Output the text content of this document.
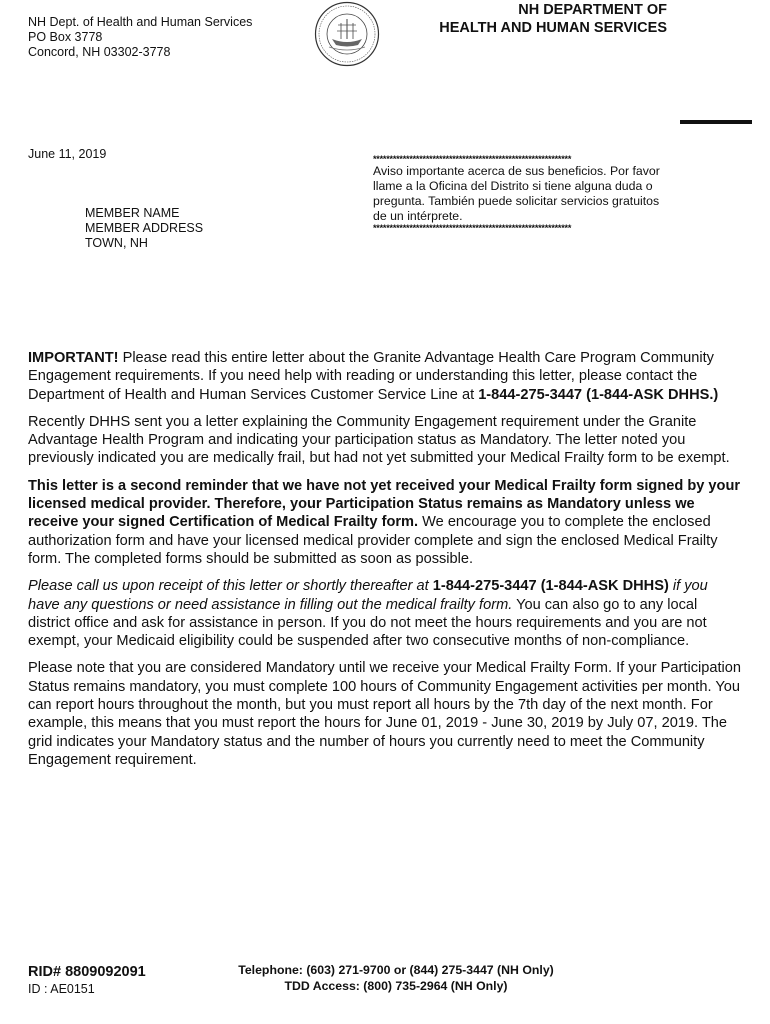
NH Dept. of Health and Human Services
PO Box 3778
Concord, NH 03302-3778
NH DEPARTMENT OF
HEALTH AND HUMAN SERVICES
June 11, 2019	************************************************************
Aviso importante acerca de sus beneficios. Por favor llame a la Oficina del Distrito si tiene alguna duda o pregunta. También puede solicitar servicios gratuitos de un intérprete.
************************************************************
MEMBER NAME
MEMBER ADDRESS
TOWN, NH

IMPORTANT! Please read this entire letter about the Granite Advantage Health Care Program Community Engagement requirements. If you need help with reading or understanding this letter, please contact the Department of Health and Human Services Customer Service Line at 1-844-275-3447 (1-844-ASK DHHS.)

Recently DHHS sent you a letter explaining the Community Engagement requirement under the Granite Advantage Health Program and indicating your participation status as Mandatory. The letter noted you previously indicated you are medically frail, but had not yet submitted your Medical Frailty form to be exempt.

This letter is a second reminder that we have not yet received your Medical Frailty form signed by your licensed medical provider. Therefore, your Participation Status remains as Mandatory unless we receive your signed Certification of Medical Frailty form. We encourage you to complete the enclosed authorization form and have your licensed medical provider complete and sign the enclosed Medical Frailty form. The completed forms should be submitted as soon as possible.

Please call us upon receipt of this letter or shortly thereafter at 1-844-275-3447 (1-844-ASK DHHS) if you have any questions or need assistance in filling out the medical frailty form. You can also go to any local district office and ask for assistance in person. If you do not meet the hours requirements and you are not exempt, your Medicaid eligibility could be suspended after two consecutive months of non-compliance.

Please note that you are considered Mandatory until we receive your Medical Frailty Form. If your Participation Status remains mandatory, you must complete 100 hours of Community Engagement activities per month. You can report hours throughout the month, but you must report all hours by the 7th day of the next month. For example, this means that you must report the hours for June 01, 2019 - June 30, 2019 by July 07, 2019. The grid indicates your Mandatory status and the number of hours you currently need to meet the Community Engagement requirement.

RID# 8809092091
ID : AE0151
Telephone: (603) 271-9700 or (844) 275-3447 (NH Only)
TDD Access: (800) 735-2964 (NH Only)
